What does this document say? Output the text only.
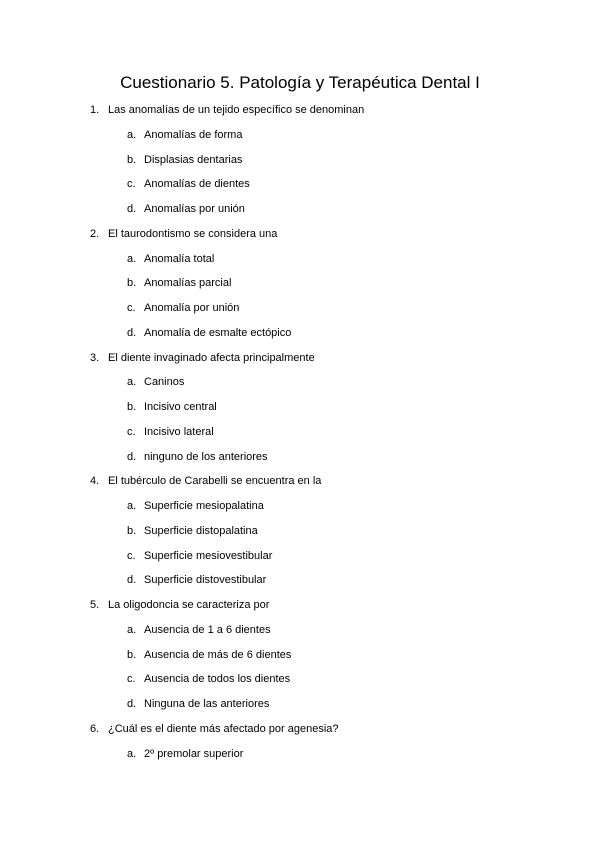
Cuestionario 5. Patología y Terapéutica Dental I
1. Las anomalías de un tejido específico se denominan
a. Anomalías de forma
b. Displasias dentarias
c. Anomalías de dientes
d. Anomalías por unión
2. El taurodontismo se considera una
a. Anomalía total
b. Anomalías parcial
c. Anomalía por unión
d. Anomalía de esmalte ectópico
3. El diente invaginado afecta principalmente
a. Caninos
b. Incisivo central
c. Incisivo lateral
d. ninguno de los anteriores
4. El tubérculo de Carabelli se encuentra en la
a. Superficie mesiopalatina
b. Superficie distopalatina
c. Superficie mesiovestibular
d. Superficie distovestibular
5. La oligodoncia se caracteriza por
a. Ausencia de 1 a 6 dientes
b. Ausencia de más de 6 dientes
c. Ausencia de todos los dientes
d. Ninguna de las anteriores
6. ¿Cuál es el diente más afectado por agenesia?
a. 2º premolar superior
